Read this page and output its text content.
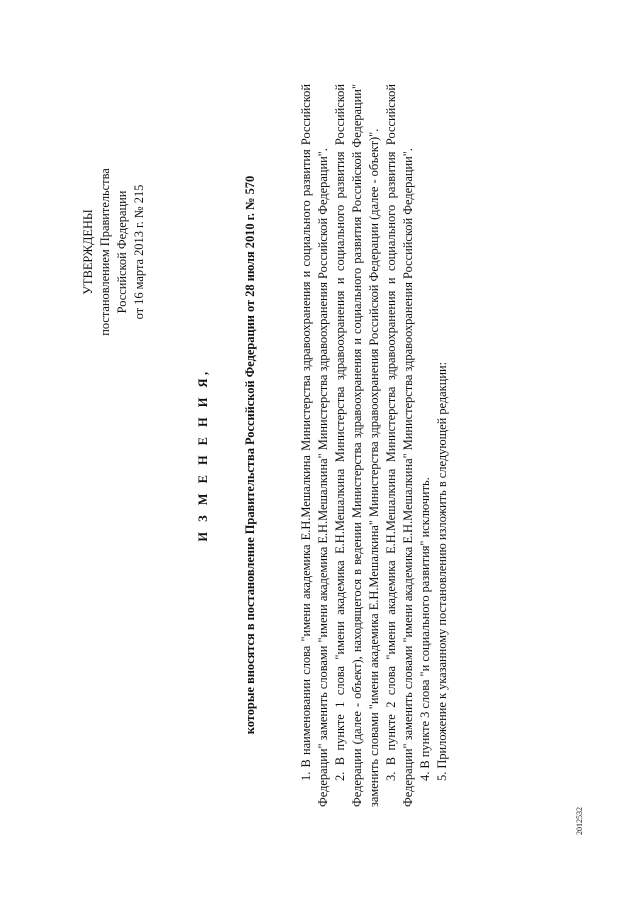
УТВЕРЖДЕНЫ постановлением Правительства Российской Федерации от 16 марта 2013 г. № 215
И З М Е Н Е Н И Я,	которые вносятся в постановление Правительства Российской Федерации от 28 июля 2010 г. № 570	1. В наименовании слова "имени академика Е.Н.Мешалкина Министерства здравоохранения и социального развития Российской Федерации" заменить словами "имени академика Е.Н.Мешалкина" Министерства здравоохранения Российской Федерации". 2. В пункте 1 слова "имени академика Е.Н.Мешалкина Министерства здравоохранения и социального развития Российской Федерации (далее - объект), находящегося в ведении Министерства здравоохранения и социального развития Российской Федерации" заменить словами "имени академика Е.Н.Мешалкина" Министерства здравоохранения Российской Федерации (далее - объект)". 3. В пункте 2 слова "имени академика Е.Н.Мешалкина Министерства здравоохранения и социального развития Российской Федерации" заменить словами "имени академика Е.Н.Мешалкина" Министерства здравоохранения Российской Федерации". 4. В пункте 3 слова "и социального развития" исключить. 5. Приложение к указанному постановлению изложить в следующей редакции:

2012532
